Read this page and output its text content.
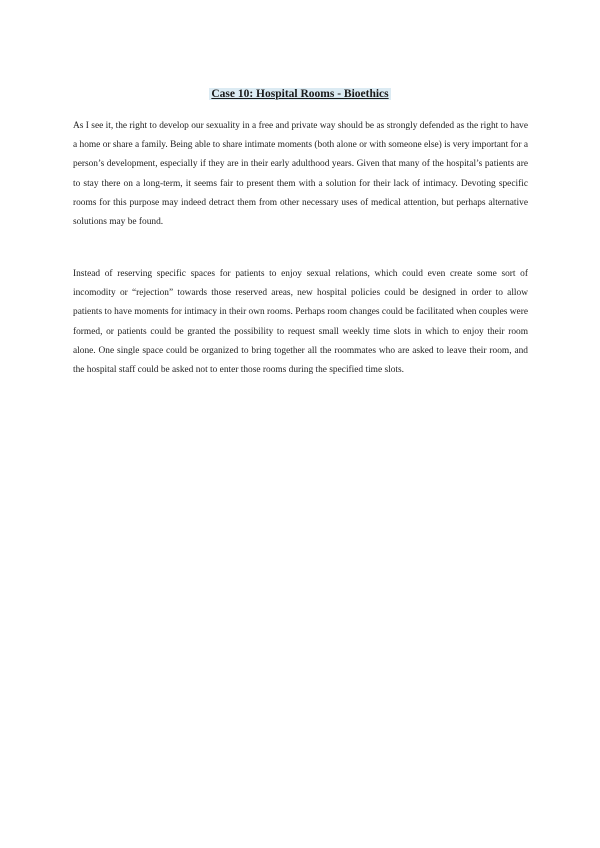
Case 10: Hospital Rooms - Bioethics

As I see it, the right to develop our sexuality in a free and private way should be as strongly defended as the right to have a home or share a family. Being able to share intimate moments (both alone or with someone else) is very important for a person’s development, especially if they are in their early adulthood years. Given that many of the hospital’s patients are to stay there on a long-term, it seems fair to present them with a solution for their lack of intimacy. Devoting specific rooms for this purpose may indeed detract them from other necessary uses of medical attention, but perhaps alternative solutions may be found.

Instead of reserving specific spaces for patients to enjoy sexual relations, which could even create some sort of incomodity or “rejection” towards those reserved areas, new hospital policies could be designed in order to allow patients to have moments for intimacy in their own rooms. Perhaps room changes could be facilitated when couples were formed, or patients could be granted the possibility to request small weekly time slots in which to enjoy their room alone. One single space could be organized to bring together all the roommates who are asked to leave their room, and the hospital staff could be asked not to enter those rooms during the specified time slots.
